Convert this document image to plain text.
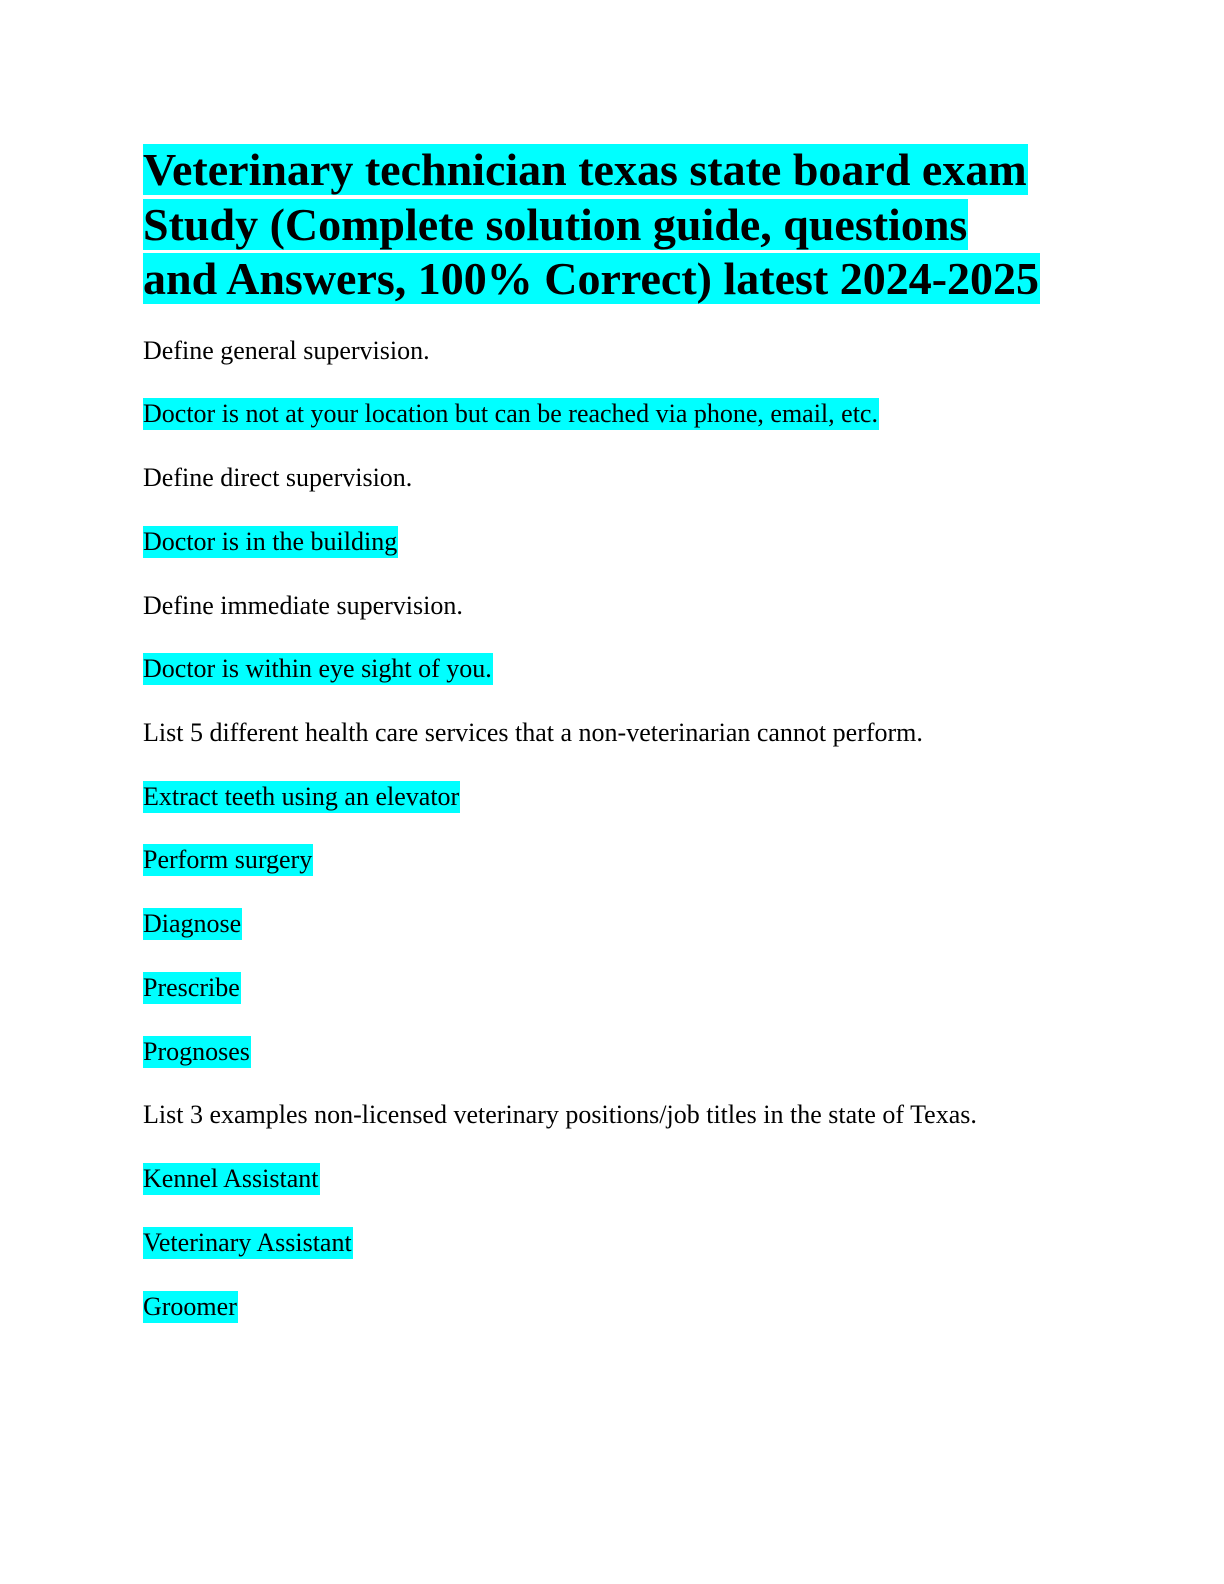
Veterinary technician texas state board exam
Study (Complete solution guide, questions
and Answers, 100% Correct) latest 2024-2025
Define general supervision.
Doctor is not at your location but can be reached via phone, email, etc.
Define direct supervision.
Doctor is in the building
Define immediate supervision.
Doctor is within eye sight of you.
List 5 different health care services that a non-veterinarian cannot perform.
Extract teeth using an elevator
Perform surgery
Diagnose
Prescribe
Prognoses
List 3 examples non-licensed veterinary positions/job titles in the state of Texas.
Kennel Assistant
Veterinary Assistant
Groomer
